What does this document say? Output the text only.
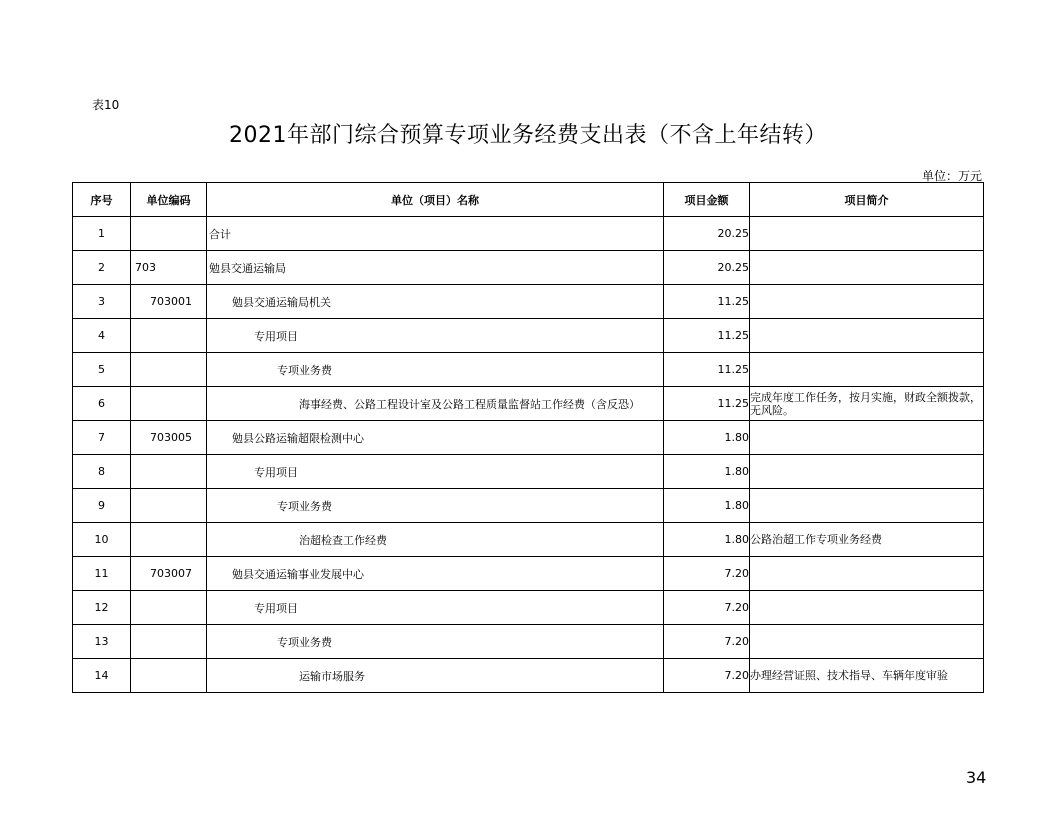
表10
2021年部门综合预算专项业务经费支出表（不含上年结转）
单位：万元
序号	单位编码	单位（项目）名称	项目金额	项目简介
1		合计	20.25	
2	703	勉县交通运输局	20.25	
3	703001	勉县交通运输局机关	11.25	
4		专用项目	11.25	
5		专项业务费	11.25	
6		海事经费、公路工程设计室及公路工程质量监督站工作经费（含反恐）	11.25	完成年度工作任务，按月实施，财政全额拨款，无风险。
7	703005	勉县公路运输超限检测中心	1.80	
8		专用项目	1.80	
9		专项业务费	1.80	
10		治超检查工作经费	1.80	公路治超工作专项业务经费
11	703007	勉县交通运输事业发展中心	7.20	
12		专用项目	7.20	
13		专项业务费	7.20	
14		运输市场服务	7.20	办理经营证照、技术指导、车辆年度审验
34
